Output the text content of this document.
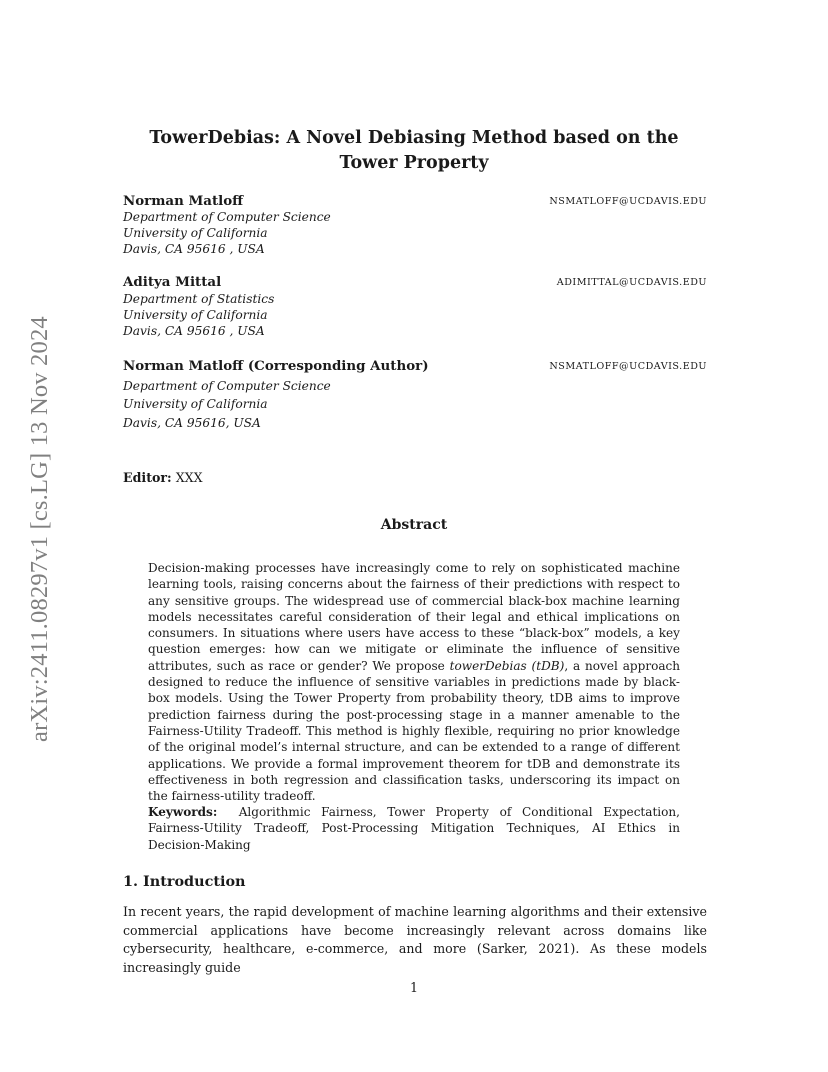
arXiv:2411.08297v1 [cs.LG] 13 Nov 2024
TowerDebias: A Novel Debiasing Method based on the
Tower Property
Norman Matloff	NSMATLOFF@UCDAVIS.EDU
Department of Computer Science
University of California
Davis, CA 95616 , USA
Aditya Mittal	ADIMITTAL@UCDAVIS.EDU
Department of Statistics
University of California
Davis, CA 95616 , USA
Norman Matloff (Corresponding Author)	NSMATLOFF@UCDAVIS.EDU
Department of Computer Science
University of California
Davis, CA 95616, USA
Editor: XXX
Abstract
Decision-making processes have increasingly come to rely on sophisticated machine learning tools, raising concerns about the fairness of their predictions with respect to any sensitive groups. The widespread use of commercial black-box machine learning models necessitates careful consideration of their legal and ethical implications on consumers. In situations where users have access to these “black-box” models, a key question emerges: how can we mitigate or eliminate the influence of sensitive attributes, such as race or gender? We propose towerDebias (tDB), a novel approach designed to reduce the influence of sensitive variables in predictions made by black-box models. Using the Tower Property from probability theory, tDB aims to improve prediction fairness during the post-processing stage in a manner amenable to the Fairness-Utility Tradeoff. This method is highly flexible, requiring no prior knowledge of the original model’s internal structure, and can be extended to a range of different applications. We provide a formal improvement theorem for tDB and demonstrate its effectiveness in both regression and classification tasks, underscoring its impact on the fairness-utility tradeoff.
Keywords: Algorithmic Fairness, Tower Property of Conditional Expectation, Fairness-Utility Tradeoff, Post-Processing Mitigation Techniques, AI Ethics in Decision-Making
1. Introduction
In recent years, the rapid development of machine learning algorithms and their extensive commercial applications have become increasingly relevant across domains like cybersecurity, healthcare, e-commerce, and more (Sarker, 2021). As these models increasingly guide
1
